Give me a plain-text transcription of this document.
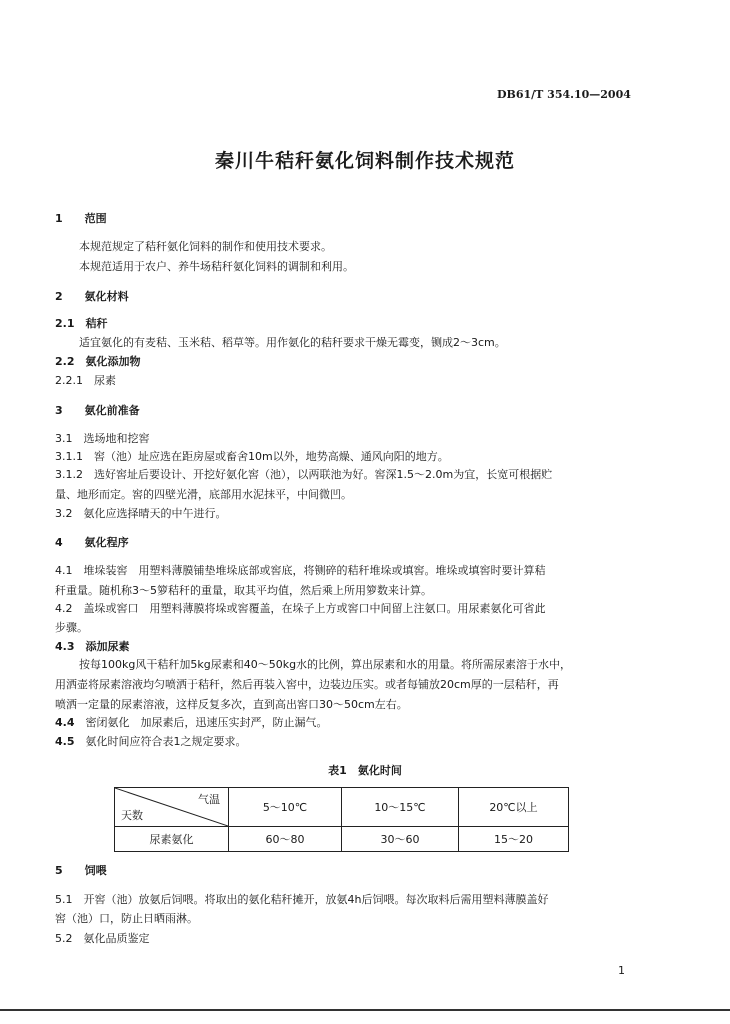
DB61/T 354.10—2004
秦川牛秸秆氨化饲料制作技术规范
1　　 范围
本规范规定了秸秆氨化饲料的制作和使用技术要求。
本规范适用于农户、养牛场秸秆氨化饲料的调制和利用。
2　　 氨化材料
2.1　 秸秆
适宜氨化的有麦秸、玉米秸、稻草等。用作氨化的秸秆要求干燥无霉变，铡成2～3cm。
2.2　 氨化添加物
2.2.1　 尿素
3　　 氨化前准备
3.1　 选场地和挖窖
3.1.1　 窖（池）址应选在距房屋或畜舍10m以外，地势高燥、通风向阳的地方。
3.1.2　选好窖址后要设计、开挖好氨化窖（池），以两联池为好。窖深1.5～2.0m为宜，长宽可根据贮
量、地形而定。窖的四壁光滑，底部用水泥抹平，中间微凹。
3.2　 氨化应选择晴天的中午进行。
4　　 氨化程序
4.1　堆垛装窖　用塑料薄膜铺垫堆垛底部或窖底，将铡碎的秸秆堆垛或填窖。堆垛或填窖时要计算秸
秆重量。随机称3～5箩秸秆的重量，取其平均值，然后乘上所用箩数来计算。
4.2　盖垛或窖口　用塑料薄膜将垛或窖覆盖，在垛子上方或窖口中间留上注氨口。用尿素氨化可省此
步骤。
4.3　 添加尿素
按每100kg风干秸秆加5kg尿素和40～50kg水的比例，算出尿素和水的用量。将所需尿素溶于水中，
用洒壶将尿素溶液均匀喷洒于秸秆，然后再装入窖中，边装边压实。或者每铺放20cm厚的一层秸秆，再
喷洒一定量的尿素溶液，这样反复多次，直到高出窖口30～50cm左右。
4.4　 密闭氨化　加尿素后，迅速压实封严，防止漏气。
4.5　 氨化时间应符合表1之规定要求。
表1　氨化时间
气温
天数	5～10℃	10～15℃	20℃以上
尿素氨化	60～80	30～60	15～20
5　　 饲喂
5.1　开窖（池）放氨后饲喂。将取出的氨化秸秆摊开，放氨4h后饲喂。每次取料后需用塑料薄膜盖好
窖（池）口，防止日晒雨淋。
5.2　 氨化品质鉴定
1
